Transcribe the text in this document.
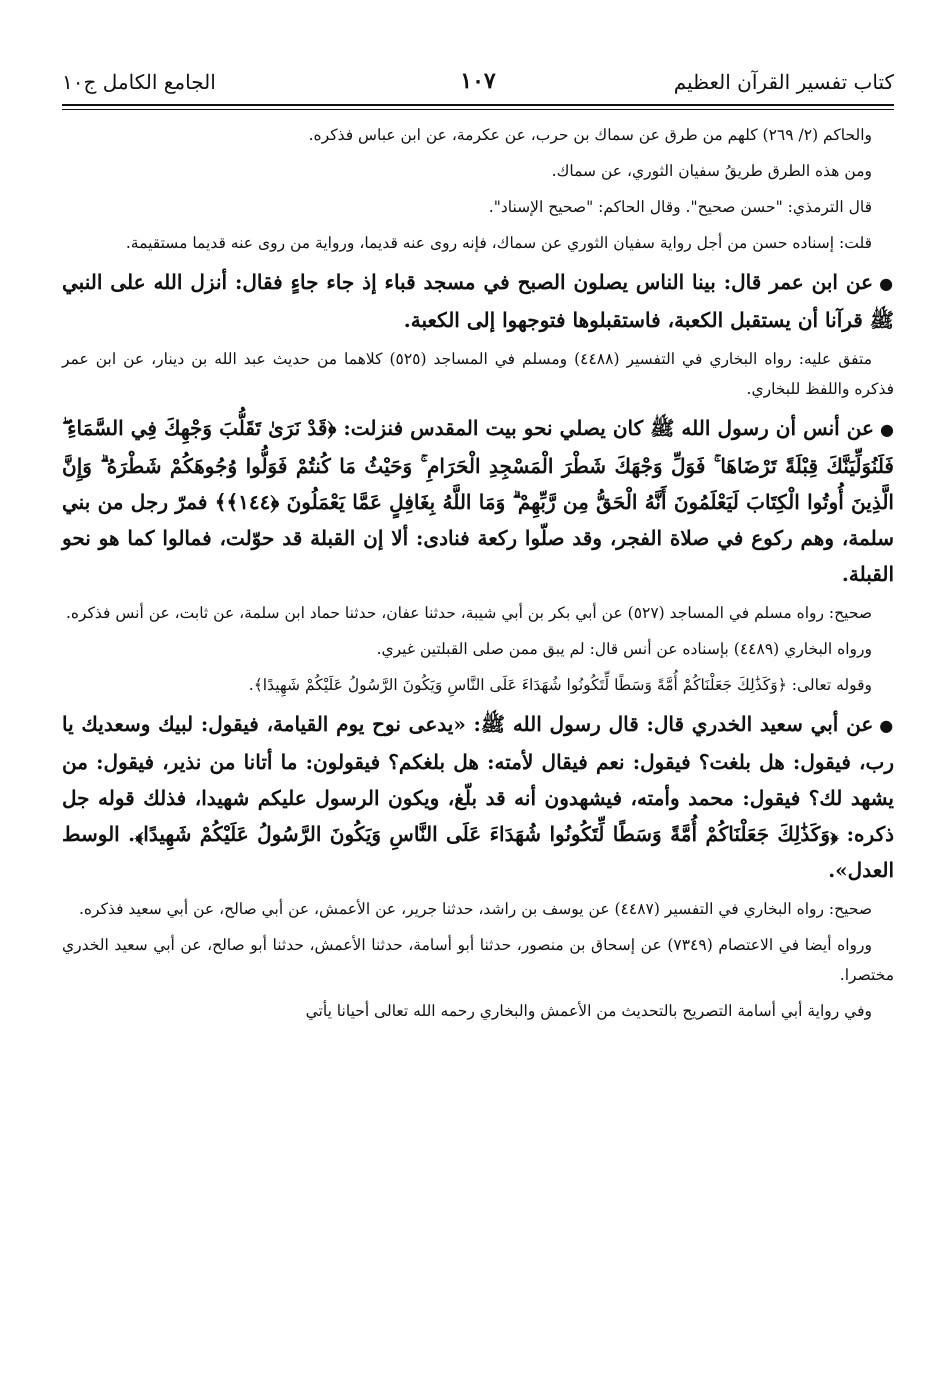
كتاب تفسير القرآن العظيم
١٠٧
الجامع الكامل ج١٠

والحاكم (٢/ ٢٦٩) كلهم من طرق عن سماك بن حرب، عن عكرمة، عن ابن عباس فذكره.

ومن هذه الطرق طريقُ سفيان الثوري، عن سماك.

قال الترمذي: "حسن صحيح". وقال الحاكم: "صحيح الإسناد".

قلت: إسناده حسن من أجل رواية سفيان الثوري عن سماك، فإنه روى عنه قديما، ورواية من روى عنه قديما مستقيمة.

●عن ابن عمر قال: بينا الناس يصلون الصبح في مسجد قباء إذ جاء جاءٍ فقال: أنزل الله على النبي ﷺ قرآنا أن يستقبل الكعبة، فاستقبلوها فتوجهوا إلى الكعبة.

متفق عليه: رواه البخاري في التفسير (٤٤٨٨) ومسلم في المساجد (٥٢٥) كلاهما من حديث عبد الله بن دينار، عن ابن عمر فذكره واللفظ للبخاري.

●عن أنس أن رسول الله ﷺ كان يصلي نحو بيت المقدس فنزلت: ﴿قَدْ نَرَىٰ تَقَلُّبَ وَجْهِكَ فِي السَّمَاءِ ۖ فَلَنُوَلِّيَنَّكَ قِبْلَةً تَرْضَاهَا ۚ فَوَلِّ وَجْهَكَ شَطْرَ الْمَسْجِدِ الْحَرَامِ ۚ وَحَيْثُ مَا كُنتُمْ فَوَلُّوا وُجُوهَكُمْ شَطْرَهُ ۗ وَإِنَّ الَّذِينَ أُوتُوا الْكِتَابَ لَيَعْلَمُونَ أَنَّهُ الْحَقُّ مِن رَّبِّهِمْ ۗ وَمَا اللَّهُ بِغَافِلٍ عَمَّا يَعْمَلُونَ ﴿١٤٤﴾﴾ فمرّ رجل من بني سلمة، وهم ركوع في صلاة الفجر، وقد صلّوا ركعة فنادى: ألا إن القبلة قد حوّلت، فمالوا كما هو نحو القبلة.

صحيح: رواه مسلم في المساجد (٥٢٧) عن أبي بكر بن أبي شيبة، حدثنا عفان، حدثنا حماد ابن سلمة، عن ثابت، عن أنس فذكره.

ورواه البخاري (٤٤٨٩) بإسناده عن أنس قال: لم يبق ممن صلى القبلتين غيري.

وقوله تعالى: ﴿وَكَذَٰلِكَ جَعَلْنَاكُمْ أُمَّةً وَسَطًا لِّتَكُونُوا شُهَدَاءَ عَلَى النَّاسِ وَيَكُونَ الرَّسُولُ عَلَيْكُمْ شَهِيدًا﴾.

●عن أبي سعيد الخدري قال: قال رسول الله ﷺ: «يدعى نوح يوم القيامة، فيقول: لبيك وسعديك يا رب، فيقول: هل بلغت؟ فيقول: نعم فيقال لأمته: هل بلغكم؟ فيقولون: ما أتانا من نذير، فيقول: من يشهد لك؟ فيقول: محمد وأمته، فيشهدون أنه قد بلّغ، ويكون الرسول عليكم شهيدا، فذلك قوله جل ذكره: ﴿وَكَذَٰلِكَ جَعَلْنَاكُمْ أُمَّةً وَسَطًا لِّتَكُونُوا شُهَدَاءَ عَلَى النَّاسِ وَيَكُونَ الرَّسُولُ عَلَيْكُمْ شَهِيدًا﴾. الوسط العدل».

صحيح: رواه البخاري في التفسير (٤٤٨٧) عن يوسف بن راشد، حدثنا جرير، عن الأعمش، عن أبي صالح، عن أبي سعيد فذكره.

ورواه أيضا في الاعتصام (٧٣٤٩) عن إسحاق بن منصور، حدثنا أبو أسامة، حدثنا الأعمش، حدثنا أبو صالح، عن أبي سعيد الخدري مختصرا.

وفي رواية أبي أسامة التصريح بالتحديث من الأعمش والبخاري رحمه الله تعالى أحيانا يأتي
